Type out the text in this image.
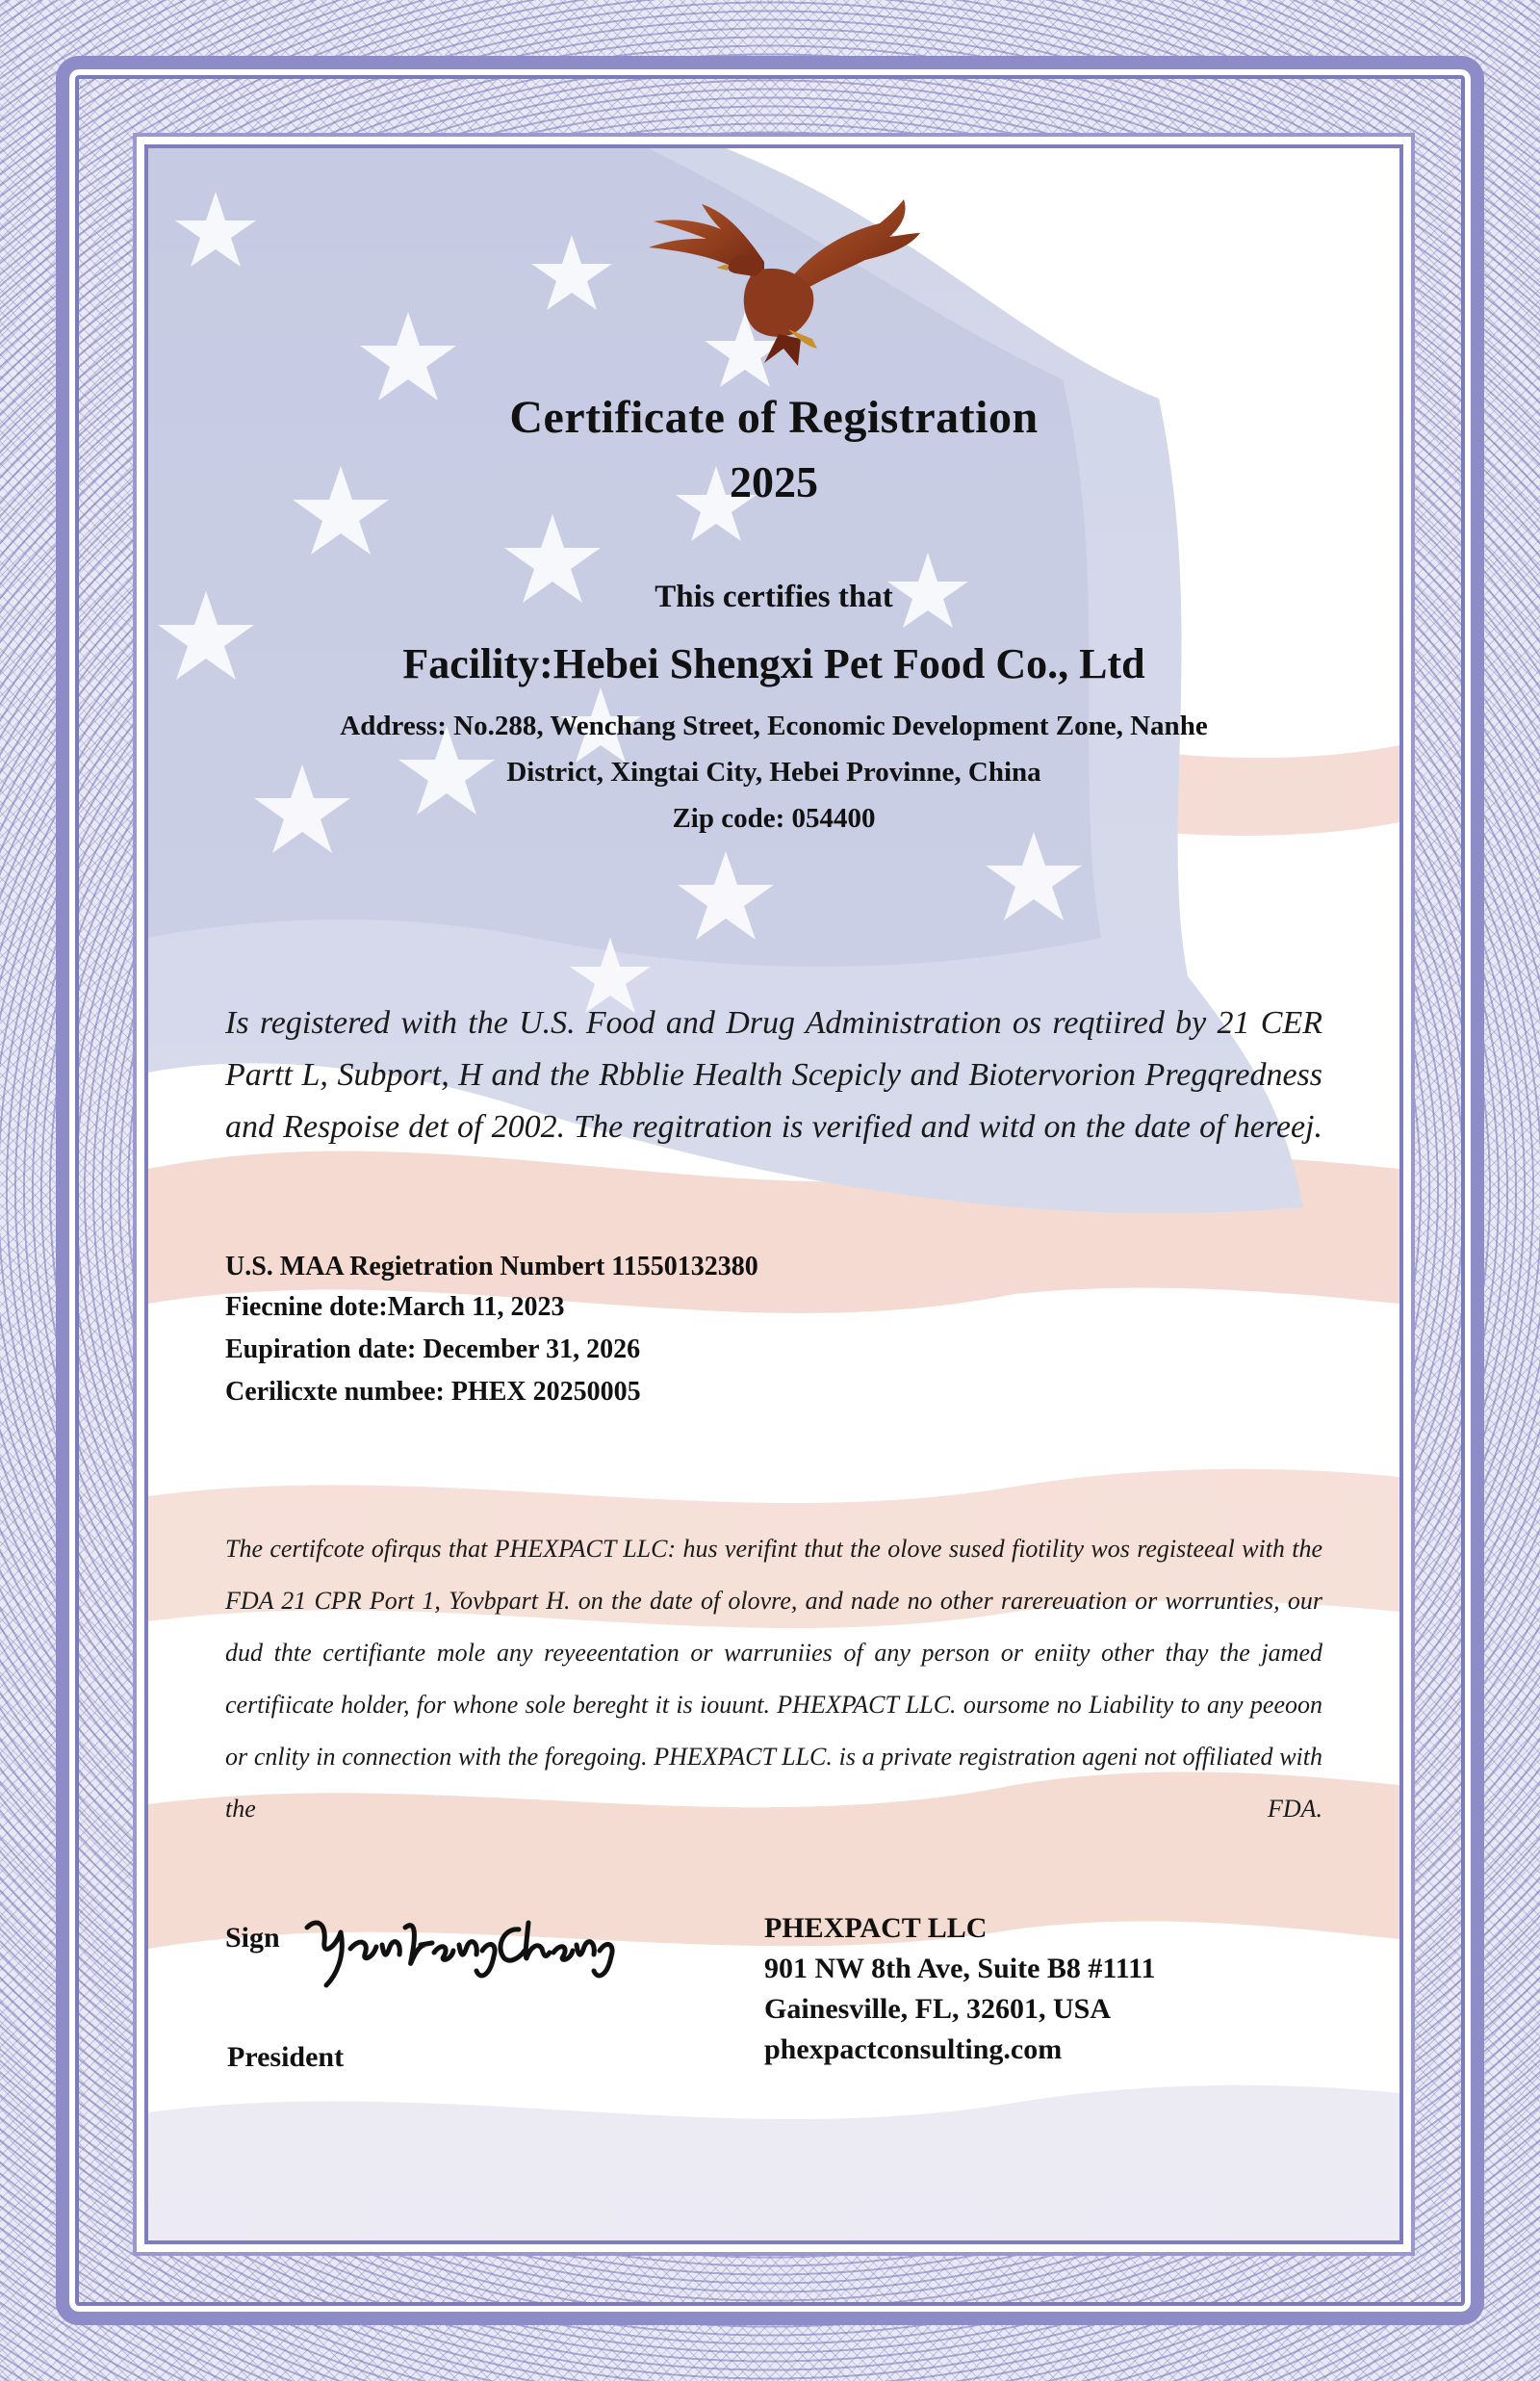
Certificate of Registration
2025
This certifies that
Facility:Hebei Shengxi Pet Food Co., Ltd
Address: No.288, Wenchang Street, Economic Development Zone, Nanhe
District, Xingtai City, Hebei Provinne, China
Zip code: 054400
Is registered with the U.S. Food and Drug Administration os reqtiired by 21 CER Partt L, Subport, H and the Rbblie Health Scepicly and Biotervorion Pregqredness and Respoise det of 2002. The regitration is verified and witd on the date of hereej.
U.S. MAA Regietration Numbert 11550132380
Fiecnine dote:March 11, 2023
Eupiration date: December 31, 2026
Cerilicxte numbee: PHEX 20250005
The certifcote ofirqus that PHEXPACT LLC: hus verifint thut the olove sused fiotility wos registeeal with the FDA 21 CPR Port 1, Yovbpart H. on the date of olovre, and nade no other rarereuation or worrunties, our dud thte certifiante mole any reyeeentation or warruniies of any person or eniity other thay the jamed certifiicate holder, for whone sole bereght it is iouunt. PHEXPACT LLC. oursome no Liability to any peeoon or cnlity in connection with the foregoing. PHEXPACT LLC. is a private registration ageni not offiliated with the FDA.
Sign
President
PHEXPACT LLC
901 NW 8th Ave, Suite B8 #1111
Gainesville, FL, 32601, USA
phexpactconsulting.com
